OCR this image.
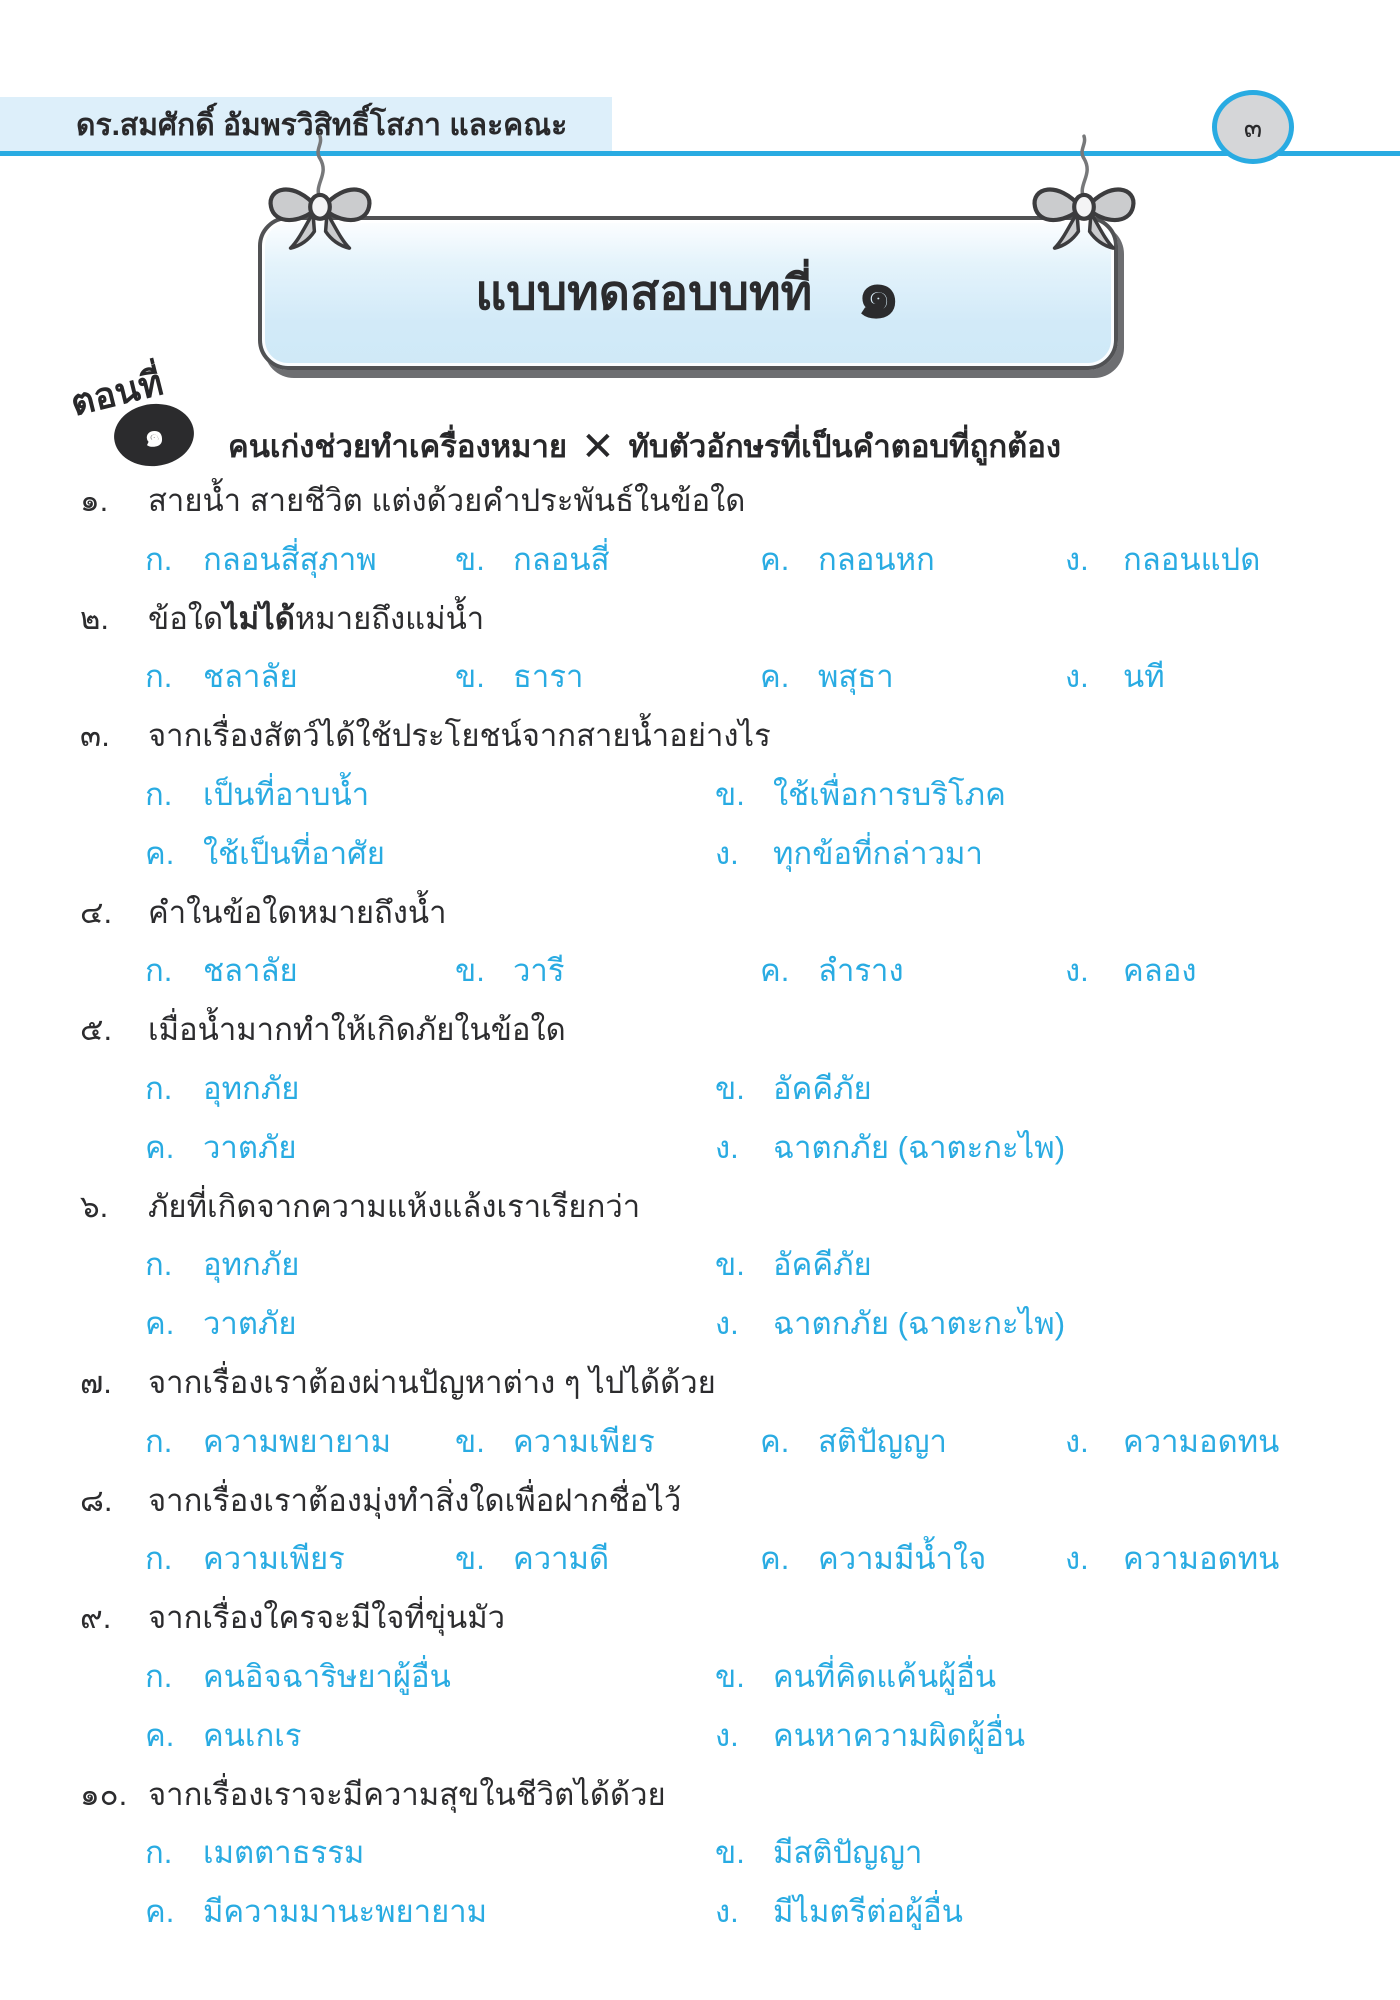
ดร.สมศักดิ์ อัมพรวิสิทธิ์โสภา และคณะ	๓
แบบทดสอบบทที่ ๑
ตอนที่
๑ คนเก่งช่วยทำเครื่องหมาย ✕ ทับตัวอักษรที่เป็นคำตอบที่ถูกต้อง
๑. สายน้ำ สายชีวิต แต่งด้วยคำประพันธ์ในข้อใด
ก. กลอนสี่สุภาพ	ข. กลอนสี่	ค. กลอนหก	ง. กลอนแปด
๒. ข้อใดไม่ได้หมายถึงแม่น้ำ
ก. ชลาลัย	ข. ธารา	ค. พสุธา	ง. นที
๓. จากเรื่องสัตว์ได้ใช้ประโยชน์จากสายน้ำอย่างไร
ก. เป็นที่อาบน้ำ	ข. ใช้เพื่อการบริโภค
ค. ใช้เป็นที่อาศัย	ง. ทุกข้อที่กล่าวมา
๔. คำในข้อใดหมายถึงน้ำ
ก. ชลาลัย	ข. วารี	ค. ลำราง	ง. คลอง
๕. เมื่อน้ำมากทำให้เกิดภัยในข้อใด
ก. อุทกภัย	ข. อัคคีภัย
ค. วาตภัย	ง. ฉาตกภัย (ฉาตะกะไพ)
๖. ภัยที่เกิดจากความแห้งแล้งเราเรียกว่า
ก. อุทกภัย	ข. อัคคีภัย
ค. วาตภัย	ง. ฉาตกภัย (ฉาตะกะไพ)
๗. จากเรื่องเราต้องผ่านปัญหาต่าง ๆ ไปได้ด้วย
ก. ความพยายาม ข. ความเพียร	ค. สติปัญญา	ง. ความอดทน
๘. จากเรื่องเราต้องมุ่งทำสิ่งใดเพื่อฝากชื่อไว้
ก. ความเพียร	ข. ความดี	ค. ความมีน้ำใจ	ง. ความอดทน
๙. จากเรื่องใครจะมีใจที่ขุ่นมัว
ก. คนอิจฉาริษยาผู้อื่น	ข. คนที่คิดแค้นผู้อื่น
ค. คนเกเร	ง. คนหาความผิดผู้อื่น
๑๐. จากเรื่องเราจะมีความสุขในชีวิตได้ด้วย
ก. เมตตาธรรม	ข. มีสติปัญญา
ค. มีความมานะพยายาม	ง. มีไมตรีต่อผู้อื่น
